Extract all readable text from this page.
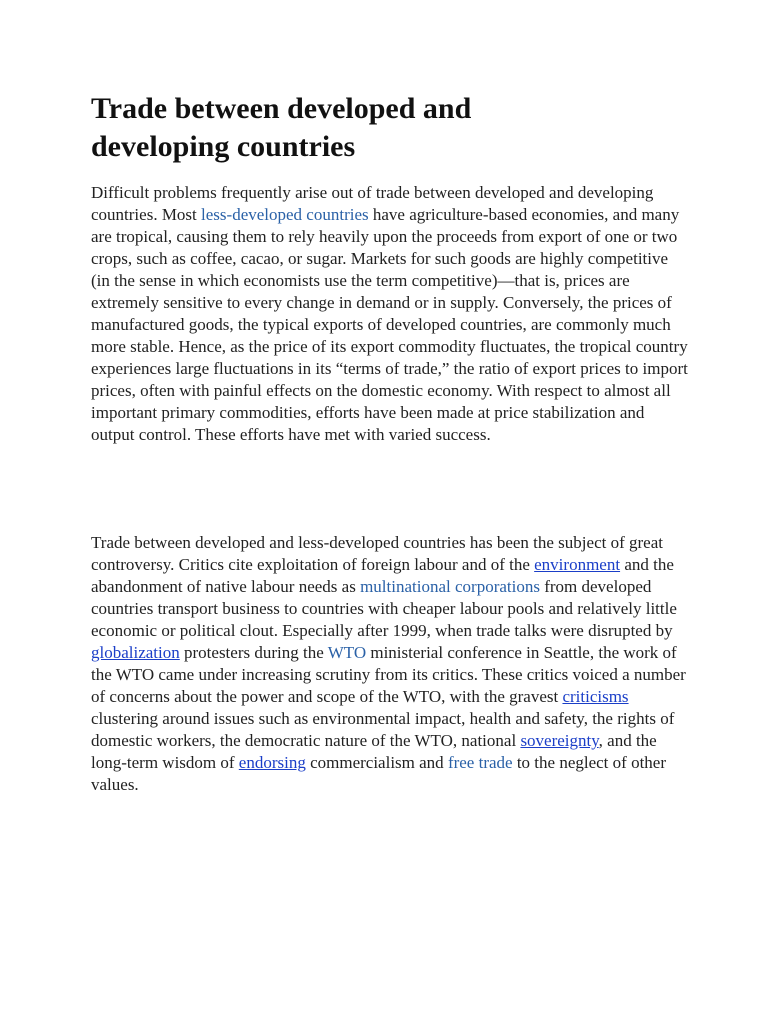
Trade between developed and
developing countries

Difficult problems frequently arise out of trade between developed and developing countries. Most less-developed countries have agriculture-based economies, and many are tropical, causing them to rely heavily upon the proceeds from export of one or two crops, such as coffee, cacao, or sugar. Markets for such goods are highly competitive (in the sense in which economists use the term competitive)—that is, prices are extremely sensitive to every change in demand or in supply. Conversely, the prices of manufactured goods, the typical exports of developed countries, are commonly much more stable. Hence, as the price of its export commodity fluctuates, the tropical country experiences large fluctuations in its “terms of trade,” the ratio of export prices to import prices, often with painful effects on the domestic economy. With respect to almost all important primary commodities, efforts have been made at price stabilization and output control. These efforts have met with varied success.

Trade between developed and less-developed countries has been the subject of great controversy. Critics cite exploitation of foreign labour and of the environment and the abandonment of native labour needs as multinational corporations from developed countries transport business to countries with cheaper labour pools and relatively little economic or political clout. Especially after 1999, when trade talks were disrupted by globalization protesters during the WTO ministerial conference in Seattle, the work of the WTO came under increasing scrutiny from its critics. These critics voiced a number of concerns about the power and scope of the WTO, with the gravest criticisms clustering around issues such as environmental impact, health and safety, the rights of domestic workers, the democratic nature of the WTO, national sovereignty, and the long-term wisdom of endorsing commercialism and free trade to the neglect of other values.
